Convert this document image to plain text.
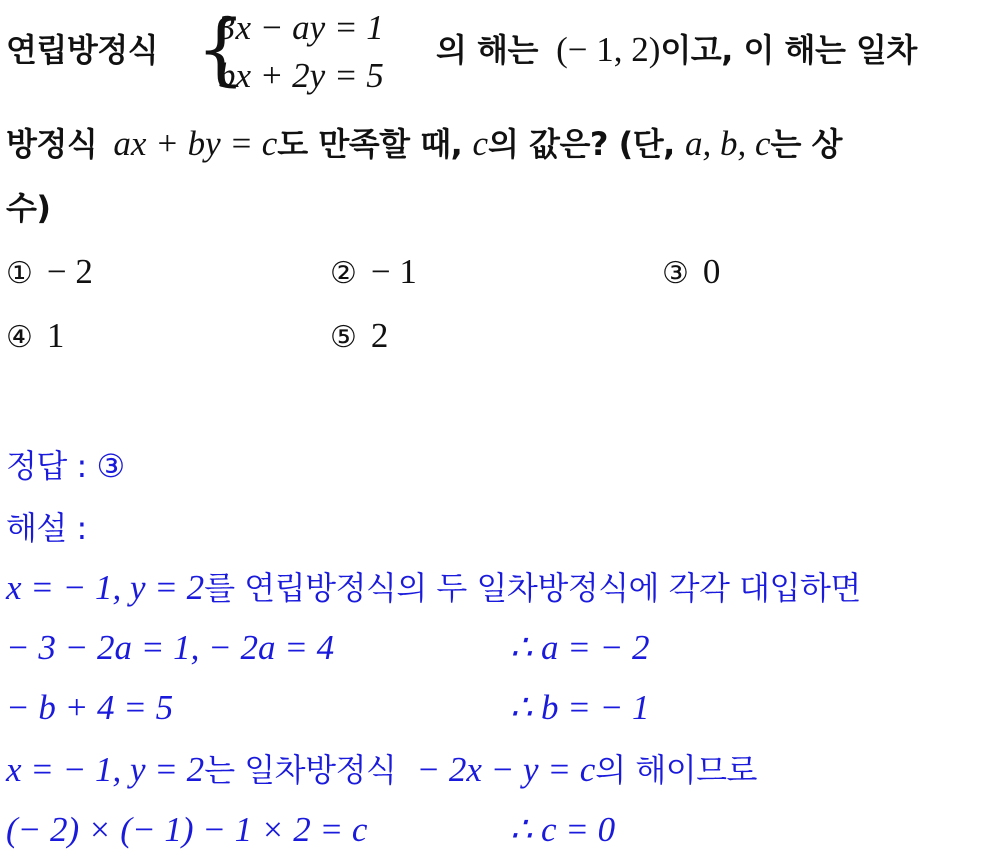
연립방정식 {
3x − ay = 1
bx + 2y = 5
의 해는 (− 1, 2)이고, 이 해는 일차
방정식 ax + by = c도 만족할 때, c의 값은? (단, a, b, c는 상
수)
① − 2	② − 1	③ 0
④ 1	⑤ 2
정답 : ③
해설 :
x = − 1, y = 2를 연립방정식의 두 일차방정식에 각각 대입하면
− 3 − 2a = 1, − 2a = 4	∴ a = − 2
− b + 4 = 5	∴ b = − 1
x = − 1, y = 2는 일차방정식 − 2x − y = c의 해이므로
(− 2) × (− 1) − 1 × 2 = c	∴ c = 0
